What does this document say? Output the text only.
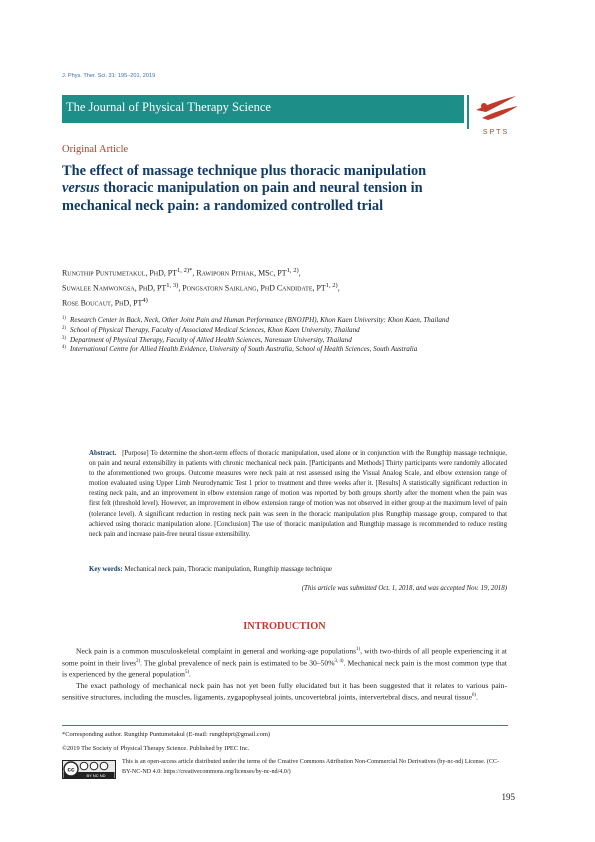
J. Phys. Ther. Sci. 31: 195–201, 2019
The Journal of Physical Therapy Science
SPTS
Original Article
The effect of massage technique plus thoracic manipulation versus thoracic manipulation on pain and neural tension in mechanical neck pain: a randomized controlled trial
Rungthip Puntumetakul, PhD, $PT^{1, 2)*}$, Rawiporn Pithak, MSc, PT$^{1, 2)}$,
Suwalee Namwongsa, PhD, PT$^{1, 3)}$, Pongsatorn Saiklang, PhD Candidate, PT$^{1, 2)}$,
Rose Boucaut, PhD, PT$^{4)}$
1) Research Center in Back, Neck, Other Joint Pain and Human Performance (BNOJPH), Khon Kaen University: Khon Kaen, Thailand
2) School of Physical Therapy, Faculty of Associated Medical Sciences, Khon Kaen University, Thailand
3) Department of Physical Therapy, Faculty of Allied Health Sciences, Naresuan University, Thailand
4) International Centre for Allied Health Evidence, University of South Australia, School of Health Sciences, South Australia
Abstract. [Purpose] To determine the short-term effects of thoracic manipulation, used alone or in conjunction with the Rungthip massage technique, on pain and neural extensibility in patients with chronic mechanical neck pain. [Participants and Methods] Thirty participants were randomly allocated to the aforementioned two groups. Outcome measures were neck pain at rest assessed using the Visual Analog Scale, and elbow extension range of motion evaluated using Upper Limb Neurodynamic Test 1 prior to treatment and three weeks after it. [Results] A statistically significant reduction in resting neck pain, and an improvement in elbow extension range of motion was reported by both groups shortly after the moment when the pain was first felt (threshold level). However, an improvement in elbow extension range of motion was not observed in either group at the maximum level of pain (tolerance level). A significant reduction in resting neck pain was seen in the thoracic manipulation plus Rungthip massage group, compared to that achieved using thoracic manipulation alone. [Conclusion] The use of thoracic manipulation and Rungthip massage is recommended to reduce resting neck pain and increase pain-free neural tissue extensibility.
Key words: Mechanical neck pain, Thoracic manipulation, Rungthip massage technique
(This article was submitted Oct. 1, 2018, and was accepted Nov. 19, 2018)
INTRODUCTION

Neck pain is a common musculoskeletal complaint in general and working-age populations$^{1)}$, with two-thirds of all people experiencing it at some point in their lives$^{2)}$. The global prevalence of neck pain is estimated to be 30–50%$^{3, 4)}$. Mechanical neck pain is the most common type that is experienced by the general population$^{5)}$.

The exact pathology of mechanical neck pain has not yet been fully elucidated but it has been suggested that it relates to various pain-sensitive structures, including the muscles, ligaments, zygapophyseal joints, uncovertebral joints, intervertebral discs, and neural tissue$^{6)}$.

*Corresponding author. Rungthip Puntumetakul (E-mail: rungthiprt@gmail.com)
©2019 The Society of Physical Therapy Science. Published by IPEC Inc.
cc
BY NC ND
This is an open-access article distributed under the terms of the Creative Commons Attribution Non-Commercial No Derivatives (by-nc-nd) License. (CC-BY-NC-ND 4.0: https://creativecommons.org/licenses/by-nc-nd/4.0/)
195
